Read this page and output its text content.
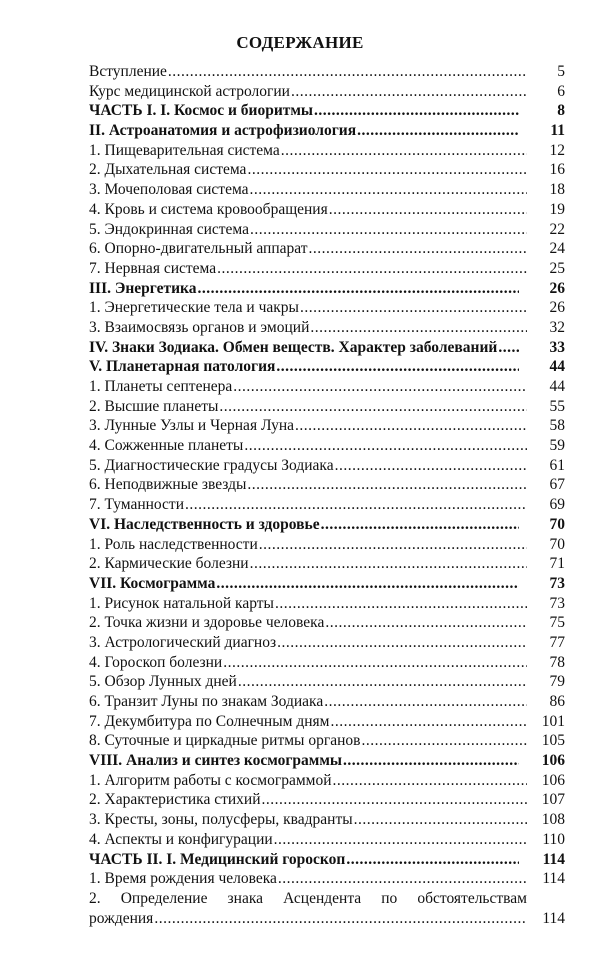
СОДЕРЖАНИЕ
Вступление .....	5
Курс медицинской астрологии .....	6
ЧАСТЬ I. I. Космос и биоритмы .....	8
II. Астроанатомия и астрофизиология .....	11
1. Пищеварительная система .....	12
2. Дыхательная система .....	16
3. Мочеполовая система .....	18
4. Кровь и система кровообращения .....	19
5. Эндокринная система .....	22
6. Опорно-двигательный аппарат .....	24
7. Нервная система .....	25
III. Энергетика .....	26
1. Энергетические тела и чакры .....	26
3. Взаимосвязь органов и эмоций .....	32
IV. Знаки Зодиака. Обмен веществ. Характер заболеваний .....	33
V. Планетарная патология .....	44
1. Планеты септенера .....	44
2. Высшие планеты .....	55
3. Лунные Узлы и Черная Луна .....	58
4. Сожженные планеты .....	59
5. Диагностические градусы Зодиака .....	61
6. Неподвижные звезды .....	67
7. Туманности .....	69
VI. Наследственность и здоровье .....	70
1. Роль наследственности .....	70
2. Кармические болезни .....	71
VII. Космограмма .....	73
1. Рисунок натальной карты .....	73
2. Точка жизни и здоровье человека .....	75
3. Астрологический диагноз .....	77
4. Гороскоп болезни .....	78
5. Обзор Лунных дней .....	79
6. Транзит Луны по знакам Зодиака .....	86
7. Декумбитура по Солнечным дням .....	101
8. Суточные и циркадные ритмы органов .....	105
VIII. Анализ и синтез космограммы .....	106
1. Алгоритм работы с космограммой .....	106
2. Характеристика стихий .....	107
3. Кресты, зоны, полусферы, квадранты .....	108
4. Аспекты и конфигурации .....	110
ЧАСТЬ II. I. Медицинский гороскоп .....	114
1. Время рождения человека .....	114
2. Определение знака Асцендента по обстоятельствам
рождения .....	114
